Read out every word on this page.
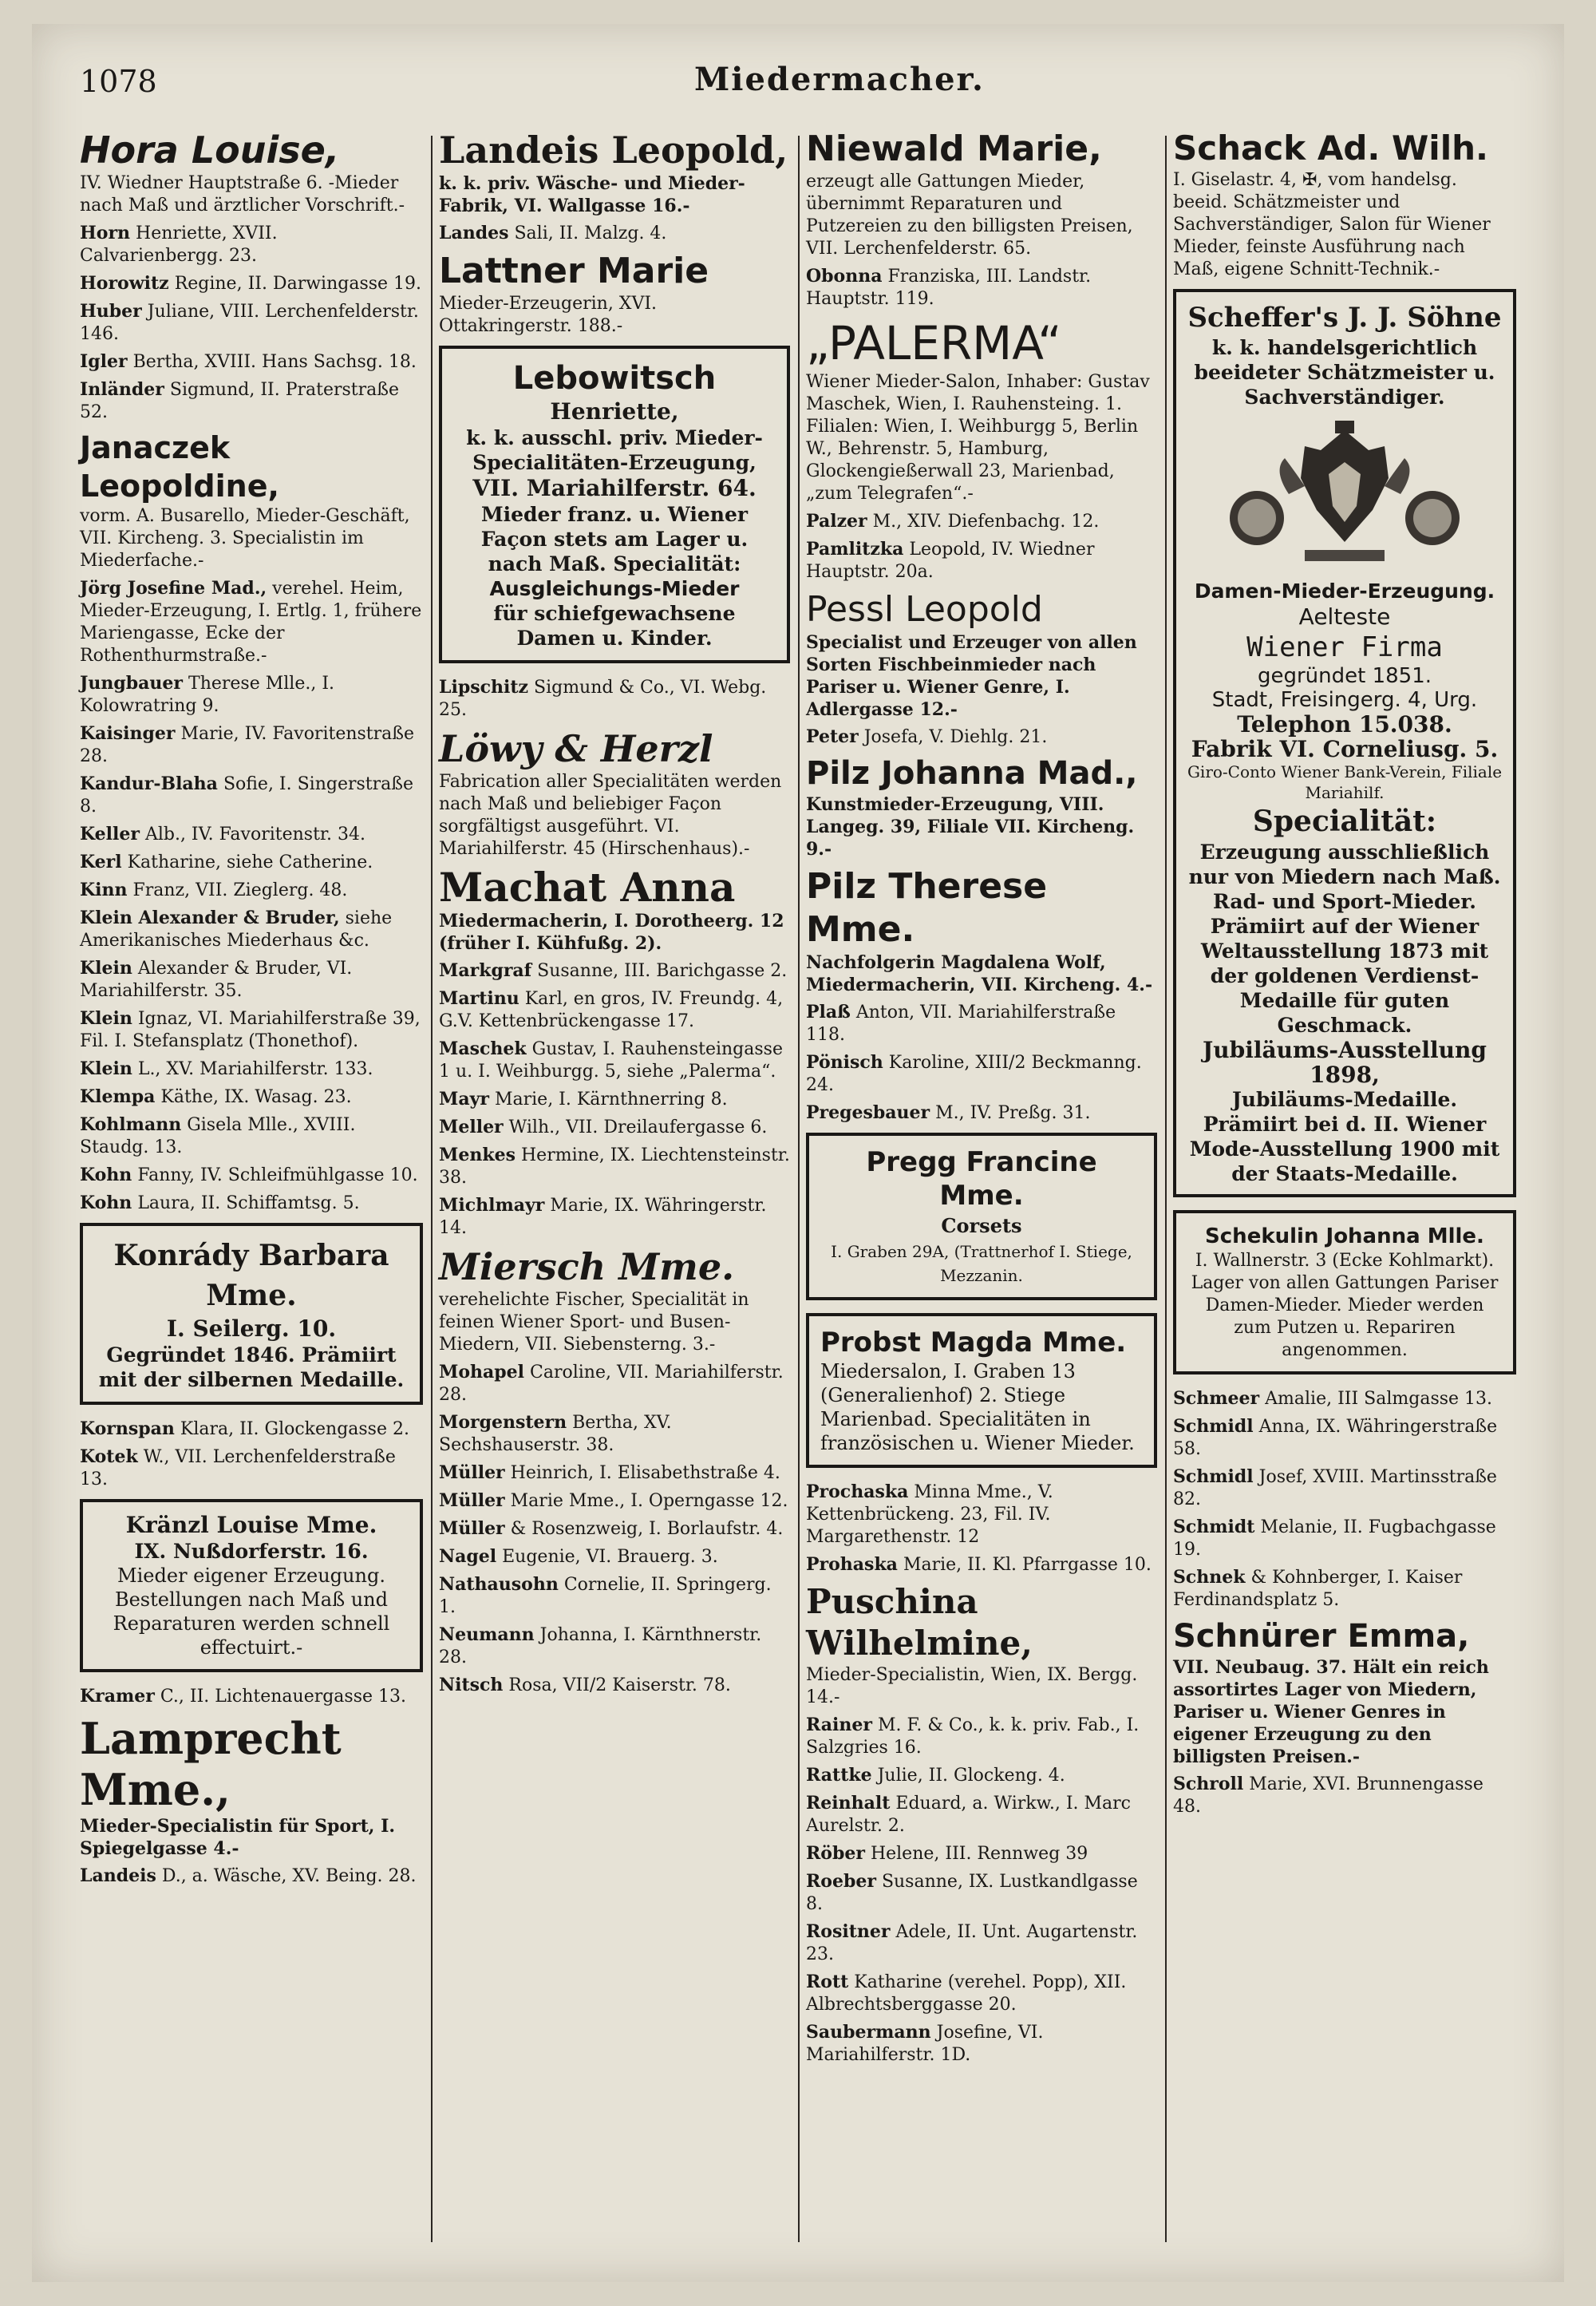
1078	Miedermacher.
Hora Louise,
IV. Wiedner Hauptstraße 6. -Mieder nach Maß und ärztlicher Vorschrift.-
Horn Henriette, XVII. Calvarienbergg. 23.
Horowitz Regine, II. Darwingasse 19.
Huber Juliane, VIII. Lerchenfelderstr. 146.
Igler Bertha, XVIII. Hans Sachsg. 18.
Inländer Sigmund, II. Praterstraße 52.
Janaczek Leopoldine,
vorm. A. Busarello, Mieder-Geschäft, VII. Kircheng. 3. Specialistin im Miederfache.-
Jörg Josefine Mad., verehel. Heim, Mieder-Erzeugung, I. Ertlg. 1, frühere Mariengasse, Ecke der Rothenthurmstraße.-
Jungbauer Therese Mlle., I. Kolowratring 9.
Kaisinger Marie, IV. Favoritenstraße 28.
Kandur-Blaha Sofie, I. Singerstraße 8.
Keller Alb., IV. Favoritenstr. 34.
Kerl Katharine, siehe Catherine.
Kinn Franz, VII. Zieglerg. 48.
Klein Alexander & Bruder, siehe Amerikanisches Miederhaus &c.
Klein Alexander & Bruder, VI. Mariahilferstr. 35.
Klein Ignaz, VI. Mariahilferstraße 39, Fil. I. Stefansplatz (Thonethof).
Klein L., XV. Mariahilferstr. 133.
Klempa Käthe, IX. Wasag. 23.
Kohlmann Gisela Mlle., XVIII. Staudg. 13.
Kohn Fanny, IV. Schleifmühlgasse 10.
Kohn Laura, II. Schiffamtsg. 5.
Konrády Barbara Mme.
I. Seilerg. 10.
Gegründet 1846. Prämiirt mit der silbernen Medaille.
Kornspan Klara, II. Glockengasse 2.
Kotek W., VII. Lerchenfelderstraße 13.
Kränzl Louise Mme.
IX. Nußdorferstr. 16.
Mieder eigener Erzeugung. Bestellungen nach Maß und Reparaturen werden schnell effectuirt.-
Kramer C., II. Lichtenauergasse 13.
Lamprecht Mme.,
Mieder-Specialistin für Sport, I. Spiegelgasse 4.-
Landeis D., a. Wäsche, XV. Being. 28.
Landeis Leopold,
k. k. priv. Wäsche- und Mieder-Fabrik, VI. Wallgasse 16.-
Landes Sali, II. Malzg. 4.
Lattner Marie
Mieder-Erzeugerin, XVI. Ottakringerstr. 188.-
Lebowitsch
Henriette,
k. k. ausschl. priv. Mieder-Specialitäten-Erzeugung,
VII. Mariahilferstr. 64.
Mieder franz. u. Wiener Façon stets am Lager u. nach Maß. Specialität:
Ausgleichungs-Mieder
für schiefgewachsene Damen u. Kinder.
Lipschitz Sigmund & Co., VI. Webg. 25.
Löwy & Herzl
Fabrication aller Specialitäten werden nach Maß und beliebiger Façon sorgfältigst ausgeführt. VI. Mariahilferstr. 45 (Hirschenhaus).-
Machat Anna
Miedermacherin, I. Dorotheerg. 12 (früher I. Kühfußg. 2).
Markgraf Susanne, III. Barichgasse 2.
Martinu Karl, en gros, IV. Freundg. 4, G.V. Kettenbrückengasse 17.
Maschek Gustav, I. Rauhensteingasse 1 u. I. Weihburgg. 5, siehe „Palerma“.
Mayr Marie, I. Kärnthnerring 8.
Meller Wilh., VII. Dreilaufergasse 6.
Menkes Hermine, IX. Liechtensteinstr. 38.
Michlmayr Marie, IX. Währingerstr. 14.
Miersch Mme.
verehelichte Fischer, Specialität in feinen Wiener Sport- und Busen-Miedern, VII. Siebensterng. 3.-
Mohapel Caroline, VII. Mariahilferstr. 28.
Morgenstern Bertha, XV. Sechshauserstr. 38.
Müller Heinrich, I. Elisabethstraße 4.
Müller Marie Mme., I. Operngasse 12.
Müller & Rosenzweig, I. Borlaufstr. 4.
Nagel Eugenie, VI. Brauerg. 3.
Nathausohn Cornelie, II. Springerg. 1.
Neumann Johanna, I. Kärnthnerstr. 28.
Nitsch Rosa, VII/2 Kaiserstr. 78.
Niewald Marie,
erzeugt alle Gattungen Mieder, übernimmt Reparaturen und Putzereien zu den billigsten Preisen, VII. Lerchenfelderstr. 65.
Obonna Franziska, III. Landstr. Hauptstr. 119.
„PALERMA“
Wiener Mieder-Salon, Inhaber: Gustav Maschek, Wien, I. Rauhensteing. 1. Filialen: Wien, I. Weihburgg 5, Berlin W., Behrenstr. 5, Hamburg, Glockengießerwall 23, Marienbad, „zum Telegrafen“.-
Palzer M., XIV. Diefenbachg. 12.
Pamlitzka Leopold, IV. Wiedner Hauptstr. 20a.
Pessl Leopold
Specialist und Erzeuger von allen Sorten Fischbeinmieder nach Pariser u. Wiener Genre, I. Adlergasse 12.-
Peter Josefa, V. Diehlg. 21.
Pilz Johanna Mad.,
Kunstmieder-Erzeugung, VIII. Langeg. 39, Filiale VII. Kircheng. 9.-
Pilz Therese Mme.
Nachfolgerin Magdalena Wolf, Miedermacherin, VII. Kircheng. 4.-
Plaß Anton, VII. Mariahilferstraße 118.
Pönisch Karoline, XIII/2 Beckmanng. 24.
Pregesbauer M., IV. Preßg. 31.
Pregg Francine Mme.
Corsets
I. Graben 29A, (Trattnerhof I. Stiege, Mezzanin.
Probst Magda Mme.
Miedersalon, I. Graben 13 (Generalienhof) 2. Stiege Marienbad. Specialitäten in französischen u. Wiener Mieder.
Prochaska Minna Mme., V. Kettenbrückeng. 23, Fil. IV. Margarethenstr. 12
Prohaska Marie, II. Kl. Pfarrgasse 10.
Puschina Wilhelmine,
Mieder-Specialistin, Wien, IX. Bergg. 14.-
Rainer M. F. & Co., k. k. priv. Fab., I. Salzgries 16.
Rattke Julie, II. Glockeng. 4.
Reinhalt Eduard, a. Wirkw., I. Marc Aurelstr. 2.
Röber Helene, III. Rennweg 39
Roeber Susanne, IX. Lustkandlgasse 8.
Rositner Adele, II. Unt. Augartenstr. 23.
Rott Katharine (verehel. Popp), XII. Albrechtsberggasse 20.
Saubermann Josefine, VI. Mariahilferstr. 1D.
Schack Ad. Wilh.
I. Giselastr. 4, ✠, vom handelsg. beeid. Schätzmeister und Sachverständiger, Salon für Wiener Mieder, feinste Ausführung nach Maß, eigene Schnitt-Technik.-
Scheffer's J. J. Söhne
k. k. handelsgerichtlich beeideter Schätzmeister u. Sachverständiger.
Damen-Mieder-Erzeugung.
Aelteste
Wiener Firma
gegründet 1851.
Stadt, Freisingerg. 4, Urg.
Telephon 15.038.
Fabrik VI. Corneliusg. 5.
Giro-Conto Wiener Bank-Verein, Filiale Mariahilf.
Specialität:
Erzeugung ausschließlich nur von Miedern nach Maß.
Rad- und Sport-Mieder. Prämiirt auf der Wiener Weltausstellung 1873 mit der goldenen Verdienst-Medaille für guten Geschmack.
Jubiläums-Ausstellung 1898,
Jubiläums-Medaille. Prämiirt bei d. II. Wiener Mode-Ausstellung 1900 mit der Staats-Medaille.
Schekulin Johanna Mlle.
I. Wallnerstr. 3 (Ecke Kohlmarkt). Lager von allen Gattungen Pariser Damen-Mieder. Mieder werden zum Putzen u. Repariren angenommen.
Schmeer Amalie, III Salmgasse 13.
Schmidl Anna, IX. Währingerstraße 58.
Schmidl Josef, XVIII. Martinsstraße 82.
Schmidt Melanie, II. Fugbachgasse 19.
Schnek & Kohnberger, I. Kaiser Ferdinandsplatz 5.
Schnürer Emma,
VII. Neubaug. 37. Hält ein reich assortirtes Lager von Miedern, Pariser u. Wiener Genres in eigener Erzeugung zu den billigsten Preisen.-
Schroll Marie, XVI. Brunnengasse 48.
